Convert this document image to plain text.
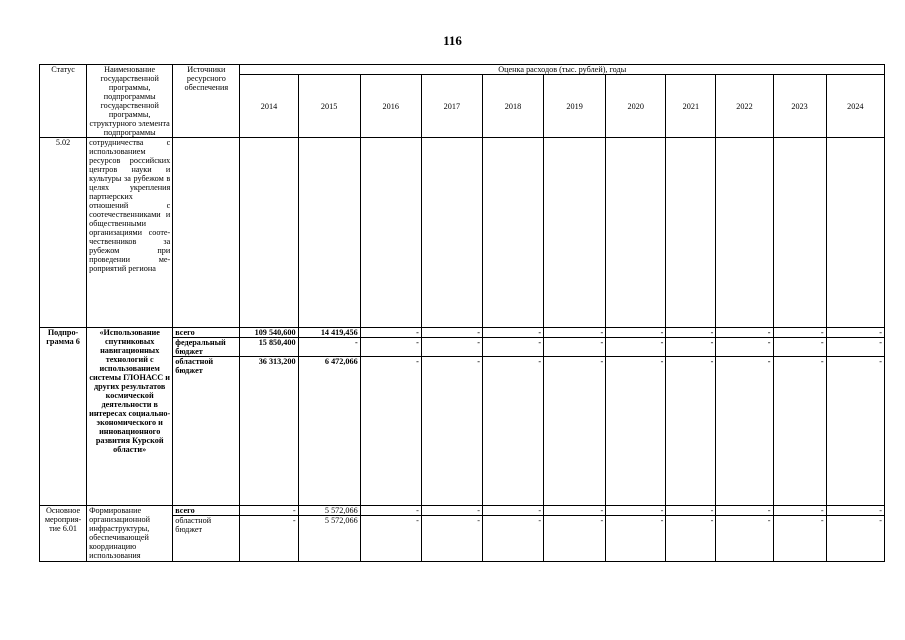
116
Статус	Наименование государственной программы, подпрограммы государственной программы, структурного элемента подпрограммы	Источники ресурсного обеспечения	Оценка расходов (тыс. рублей), годы										
			2014	2015	2016	2017	2018	2019	2020	2021	2022	2023	2024
5.02	сотрудничества с использованием ресурсов российских центров науки и культуры за рубежом в целях укрепления партнерских отношений с соотечественниками и общественными организациями соотечественников за рубежом при проведении мероприятий региона												
Подпрограмма 6	«Использование спутниковых навигационных технологий с использованием системы ГЛОНАСС и других результатов космической деятельности в интересах социально-экономического и инновационного развития Курской области»	всего	109 540,600	14 419,456	-	-	-	-	-	-	-	-	-
		федеральный бюджет	15 850,400	-	-	-	-	-	-	-	-	-	-
		областной бюджет	36 313,200	6 472,066	-	-	-	-	-	-	-	-	-
Основное мероприятие 6.01	Формирование организационной инфраструктуры, обеспечивающей координацию использования	всего	-	5 572,066	-	-	-	-	-	-	-	-	-
		областной бюджет	-	5 572,066	-	-	-	-	-	-	-	-	-
